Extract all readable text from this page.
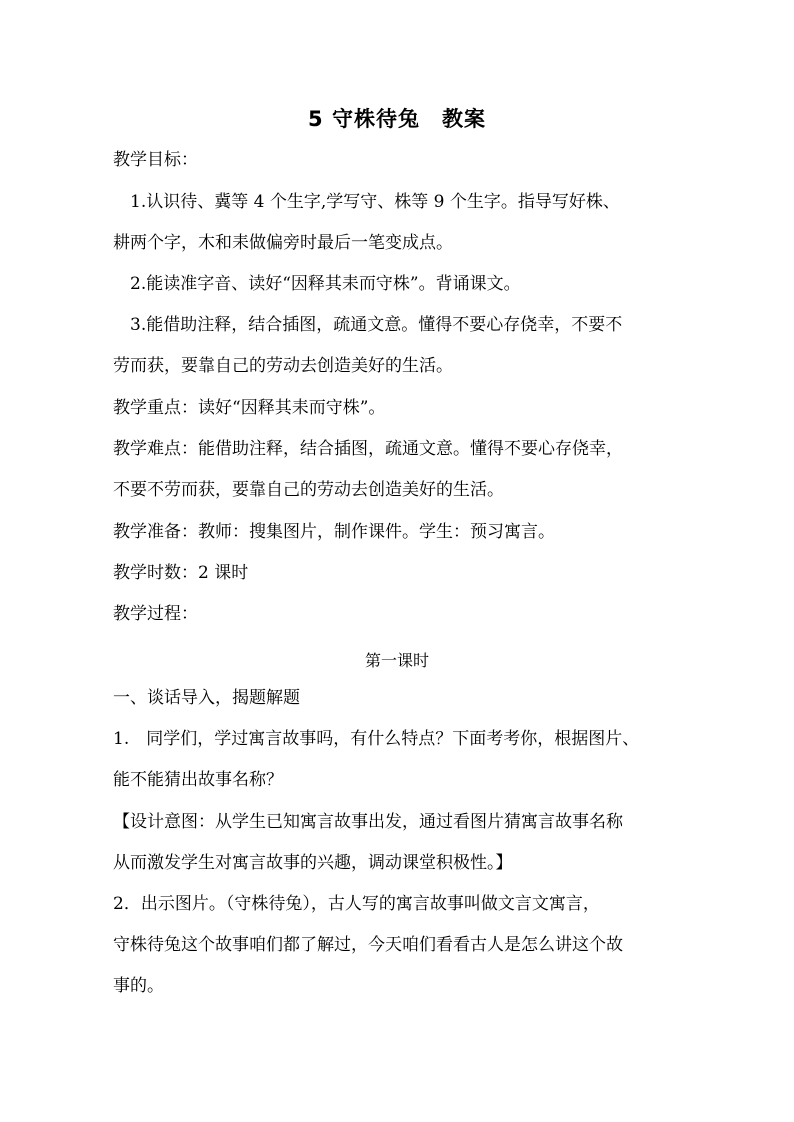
5 守株待兔　教案
教学目标：
1.认识待、冀等 4 个生字,学写守、株等 9 个生字。指导写好株、
耕两个字，木和耒做偏旁时最后一笔变成点。
2.能读准字音、读好“因释其耒而守株”。背诵课文。
3.能借助注释，结合插图，疏通文意。懂得不要心存侥幸，不要不
劳而获，要靠自己的劳动去创造美好的生活。
教学重点：读好“因释其耒而守株”。
教学难点：能借助注释，结合插图，疏通文意。懂得不要心存侥幸，
不要不劳而获，要靠自己的劳动去创造美好的生活。
教学准备：教师：搜集图片，制作课件。学生：预习寓言。
教学时数：2 课时
教学过程：
第一课时
一、谈话导入，揭题解题
1.　同学们，学过寓言故事吗，有什么特点？下面考考你，根据图片、
能不能猜出故事名称？
【设计意图：从学生已知寓言故事出发，通过看图片猜寓言故事名称
从而激发学生对寓言故事的兴趣，调动课堂积极性。】
2．出示图片。（守株待兔），古人写的寓言故事叫做文言文寓言，
守株待兔这个故事咱们都了解过，今天咱们看看古人是怎么讲这个故
事的。
